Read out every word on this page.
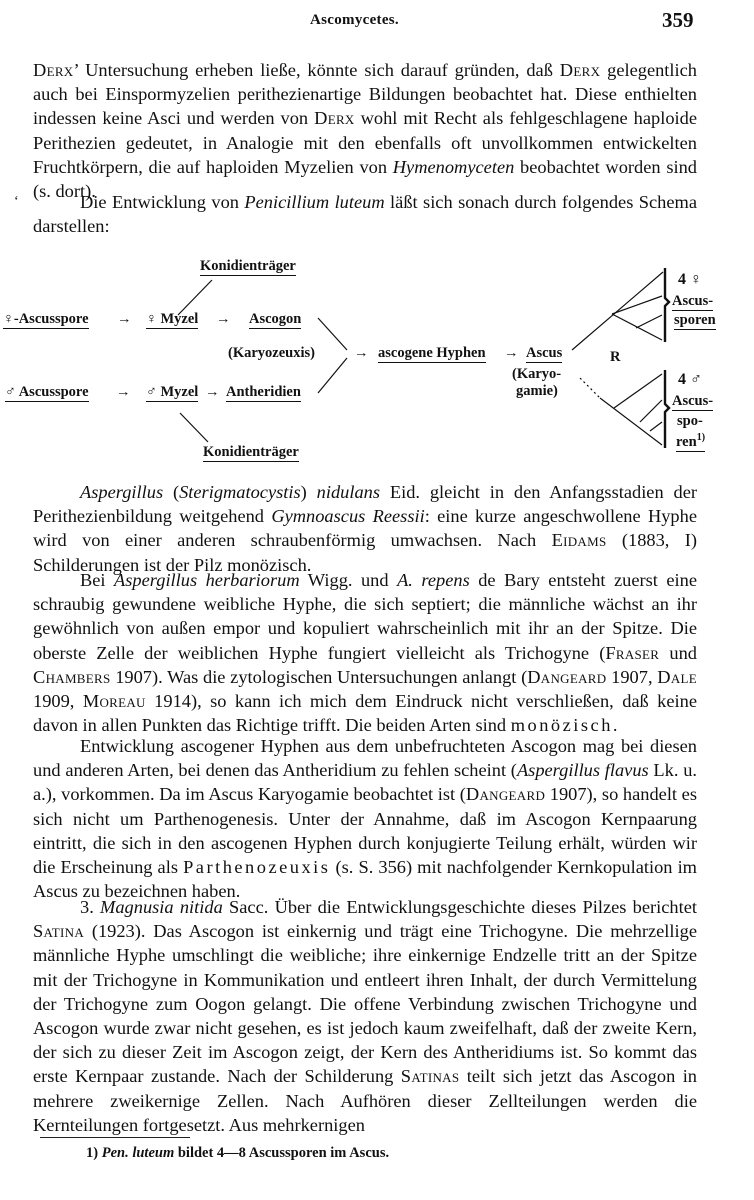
Ascomycetes.	359

Derx’ Untersuchung erheben ließe, könnte sich darauf gründen, daß Derx gelegentlich auch bei Einspormyzelien perithezienartige Bildungen beobachtet hat. Diese enthielten indessen keine Asci und werden von Derx wohl mit Recht als fehlgeschlagene haploide Perithezien gedeutet, in Analogie mit den ebenfalls oft unvollkommen entwickelten Fruchtkörpern, die auf haploiden Myzelien von Hymenomyceten beobachtet worden sind (s. dort).

ʻ	Die Entwicklung von Penicillium luteum läßt sich sonach durch folgendes Schema darstellen:

Konidienträger
♀-Ascusspore → ♀ Myzel → Ascogon
(Karyozeuxis)	→ ascogene Hyphen → Ascus
(Karyo-
gamie)
R
♂ Ascusspore → ♂ Myzel → Antheridien
Konidienträger
4 ♀
Ascus-
sporen
4 ♂
Ascus-
spo-
ren$^{1)}$

Aspergillus (Sterigmatocystis) nidulans Eid. gleicht in den Anfangsstadien der Perithezienbildung weitgehend Gymnoascus Reessii: eine kurze angeschwollene Hyphe wird von einer anderen schraubenförmig umwachsen. Nach Eidams (1883, I) Schilderungen ist der Pilz monözisch.

Bei Aspergillus herbariorum Wigg. und A. repens de Bary entsteht zuerst eine schraubig gewundene weibliche Hyphe, die sich septiert; die männliche wächst an ihr gewöhnlich von außen empor und kopuliert wahrscheinlich mit ihr an der Spitze. Die oberste Zelle der weiblichen Hyphe fungiert vielleicht als Trichogyne (Fraser und Chambers 1907). Was die zytologischen Untersuchungen anlangt (Dangeard 1907, Dale 1909, Moreau 1914), so kann ich mich dem Eindruck nicht verschließen, daß keine davon in allen Punkten das Richtige trifft. Die beiden Arten sind monözisch.

Entwicklung ascogener Hyphen aus dem unbefruchteten Ascogon mag bei diesen und anderen Arten, bei denen das Antheridium zu fehlen scheint (Aspergillus flavus Lk. u. a.), vorkommen. Da im Ascus Karyogamie beobachtet ist (Dangeard 1907), so handelt es sich nicht um Parthenogenesis. Unter der Annahme, daß im Ascogon Kernpaarung eintritt, die sich in den ascogenen Hyphen durch konjugierte Teilung erhält, würden wir die Erscheinung als Parthenozeuxis (s. S. 356) mit nachfolgender Kernkopulation im Ascus zu bezeichnen haben.

3. Magnusia nitida Sacc. Über die Entwicklungsgeschichte dieses Pilzes berichtet Satina (1923). Das Ascogon ist einkernig und trägt eine Trichogyne. Die mehrzellige männliche Hyphe umschlingt die weibliche; ihre einkernige Endzelle tritt an der Spitze mit der Trichogyne in Kommunikation und entleert ihren Inhalt, der durch Vermittelung der Trichogyne zum Oogon gelangt. Die offene Verbindung zwischen Trichogyne und Ascogon wurde zwar nicht gesehen, es ist jedoch kaum zweifelhaft, daß der zweite Kern, der sich zu dieser Zeit im Ascogon zeigt, der Kern des Antheridiums ist. So kommt das erste Kernpaar zustande. Nach der Schilderung Satinas teilt sich jetzt das Ascogon in mehrere zweikernige Zellen. Nach Aufhören dieser Zellteilungen werden die Kernteilungen fortgesetzt. Aus mehrkernigen

1) Pen. luteum bildet 4—8 Ascussporen im Ascus.
